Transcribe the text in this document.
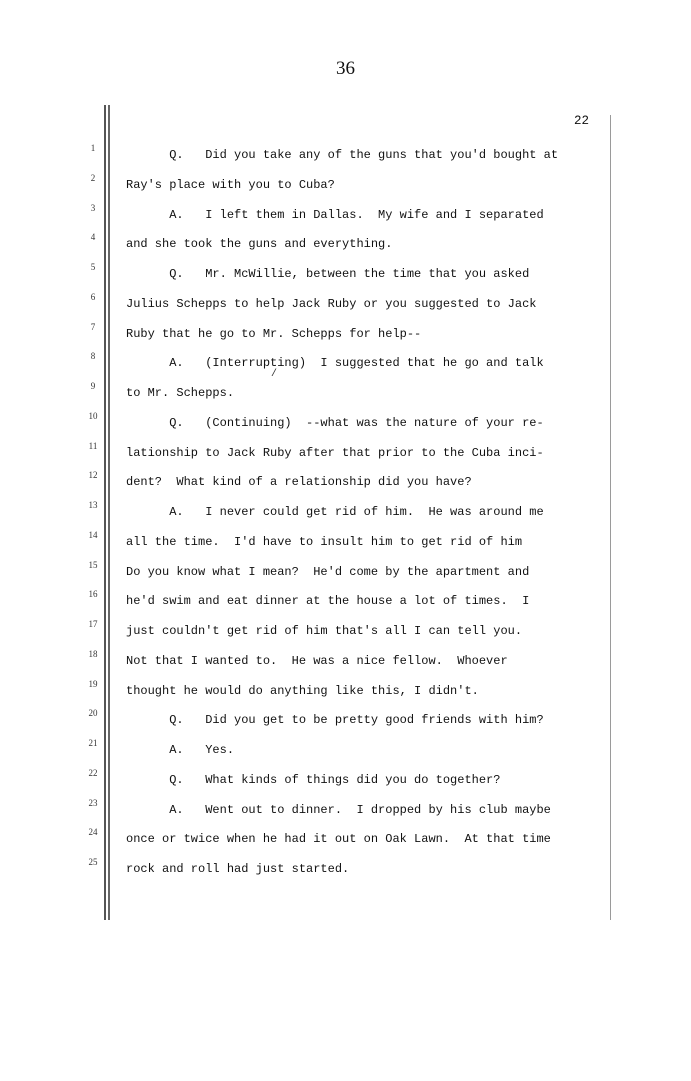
36
22
1
2
3
4
5
6
7
8
9
10
11
12
13
14
15
16
17
18
19
20
21
22
23
24
25
Q.   Did you take any of the guns that you'd bought at
Ray's place with you to Cuba?
A.   I left them in Dallas.  My wife and I separated
and she took the guns and everything.
Q.   Mr. McWillie, between the time that you asked
Julius Schepps to help Jack Ruby or you suggested to Jack
Ruby that he go to Mr. Schepps for help--
A.   (Interrupting)  I suggested that he go and talk
to Mr. Schepps.
Q.   (Continuing)  --what was the nature of your re-
lationship to Jack Ruby after that prior to the Cuba inci-
dent?  What kind of a relationship did you have?
A.   I never could get rid of him.  He was around me
all the time.  I'd have to insult him to get rid of him
Do you know what I mean?  He'd come by the apartment and
he'd swim and eat dinner at the house a lot of times.  I
just couldn't get rid of him that's all I can tell you.
Not that I wanted to.  He was a nice fellow.  Whoever
thought he would do anything like this, I didn't.
Q.   Did you get to be pretty good friends with him?
A.   Yes.
Q.   What kinds of things did you do together?
A.   Went out to dinner.  I dropped by his club maybe
once or twice when he had it out on Oak Lawn.  At that time
rock and roll had just started.
/
